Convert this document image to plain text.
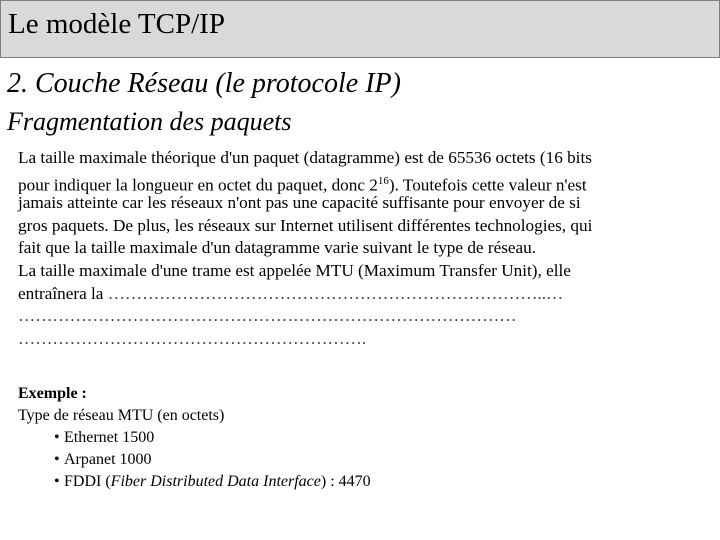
Le modèle TCP/IP
2. Couche Réseau (le protocole IP)
Fragmentation des paquets
La taille maximale théorique d'un paquet (datagramme) est de 65536 octets (16 bits
pour indiquer la longueur en octet du paquet, donc $2^{16}$). Toutefois cette valeur n'est
jamais atteinte car les réseaux n'ont pas une capacité suffisante pour envoyer de si
gros paquets. De plus, les réseaux sur Internet utilisent différentes technologies, qui
fait que la taille maximale d'un datagramme varie suivant le type de réseau.
La taille maximale d'une trame est appelée MTU (Maximum Transfer Unit), elle
entraînera la …………………………………………………………………..…
……………………………………………………………………………
…………………………………………………….
Exemple :
Type de réseau MTU (en octets)
• Ethernet 1500
• Arpanet 1000
• FDDI (Fiber Distributed Data Interface) : 4470
